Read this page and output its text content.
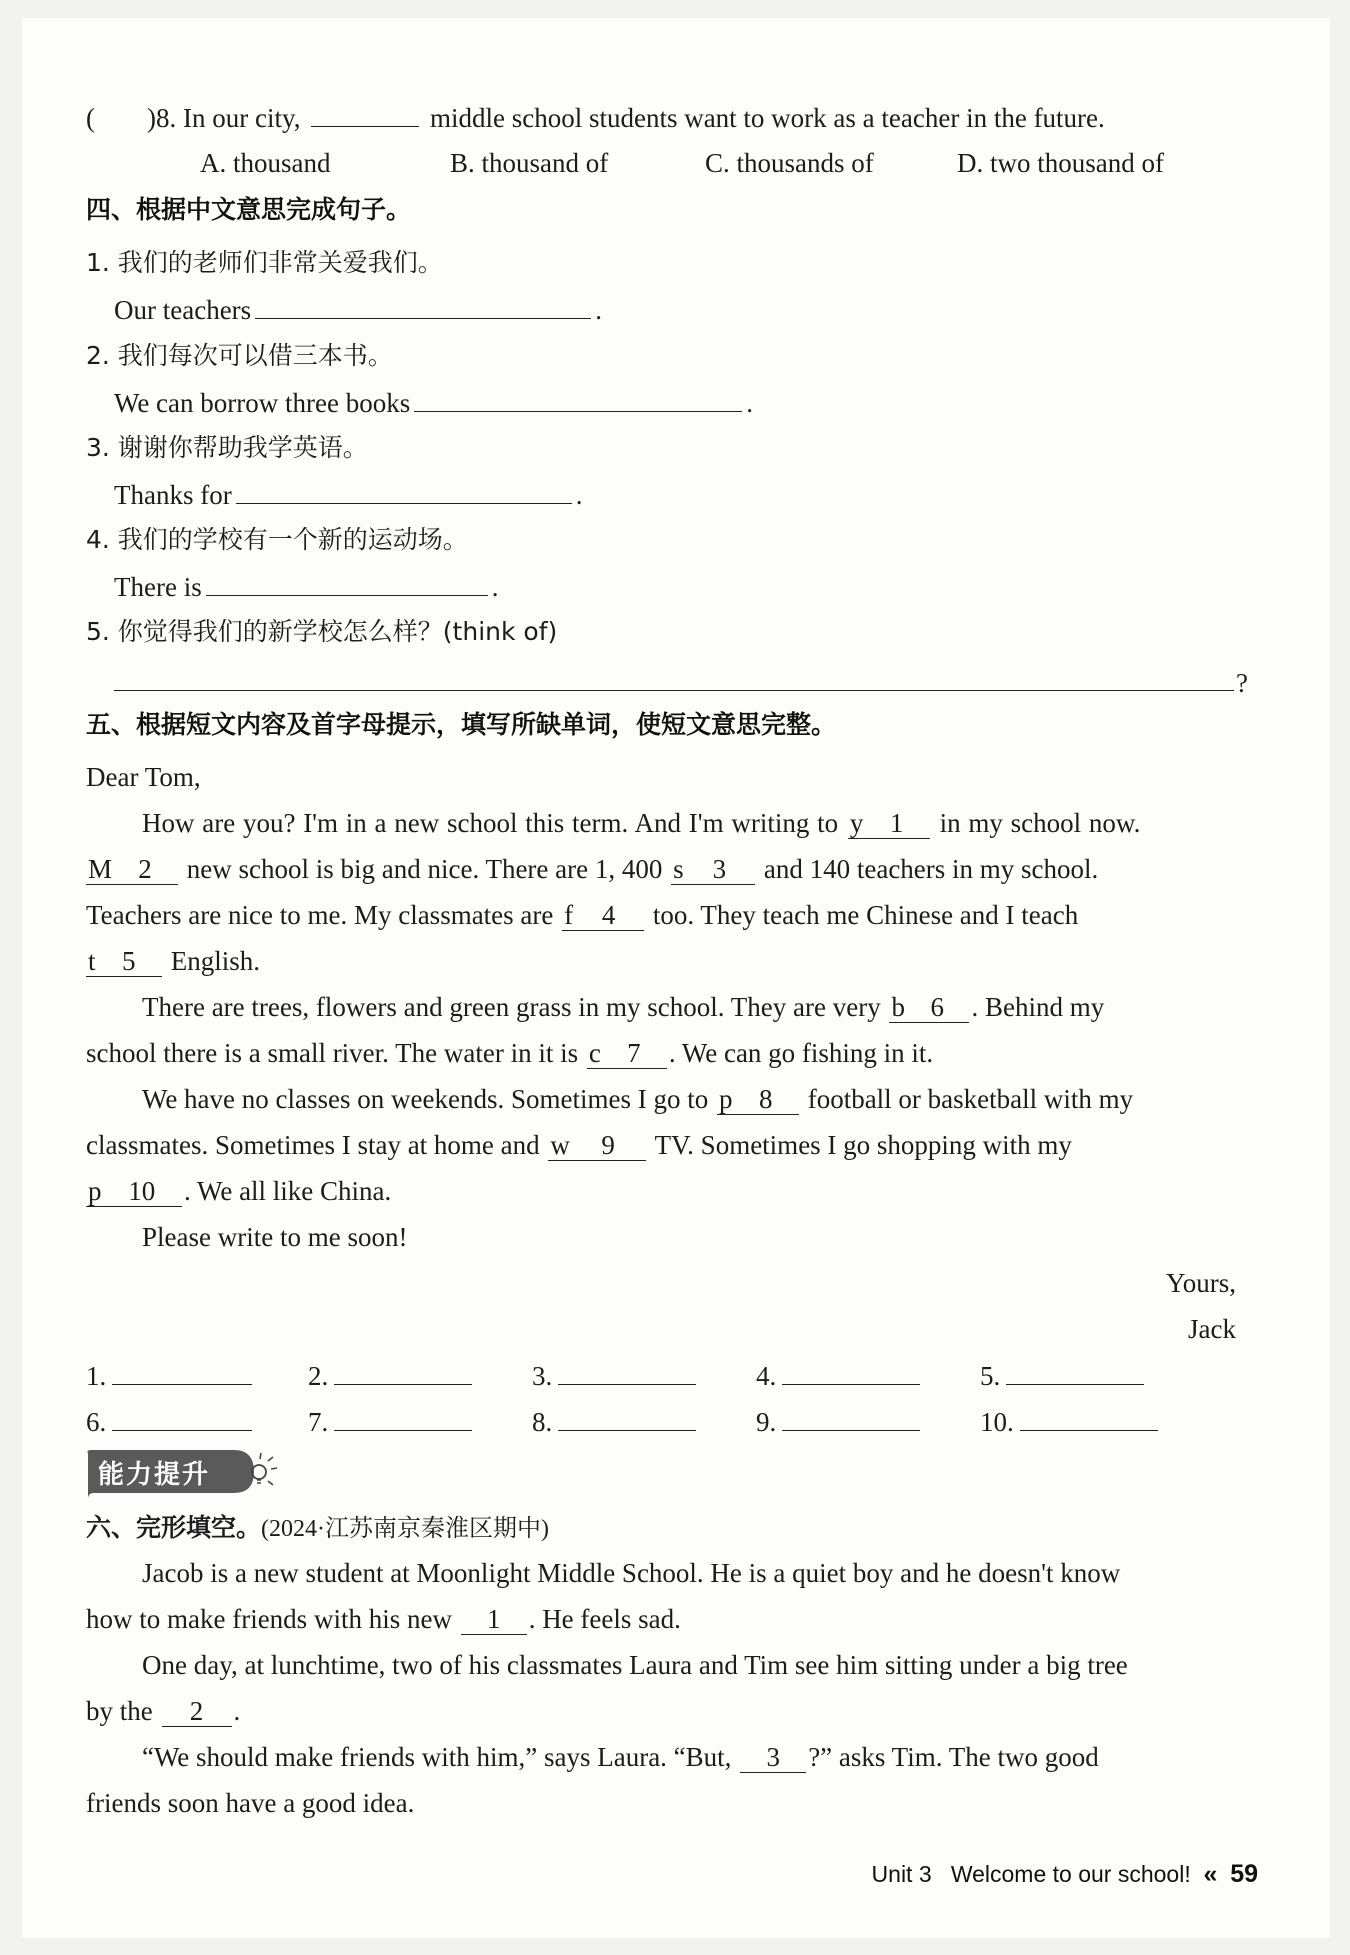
( )8. In our city,	middle school students want to work as a teacher in the future.
A. thousand	B. thousand of	C. thousands of	D. two thousand of
四、根据中文意思完成句子。
1. 我们的老师们非常关爱我们。
Our teachers	.
2. 我们每次可以借三本书。
We can borrow three books	.
3. 谢谢你帮助我学英语。
Thanks for	.
4. 我们的学校有一个新的运动场。
There is	.
5. 你觉得我们的新学校怎么样？(think of)
?
五、根据短文内容及首字母提示，填写所缺单词，使短文意思完整。
Dear Tom,
How are you? I'm in a new school this term. And I'm writing to y 1 in my school now.
M 2 new school is big and nice. There are 1, 400 s 3 and 140 teachers in my school.
Teachers are nice to me. My classmates are f 4 too. They teach me Chinese and I teach
t 5 English.
There are trees, flowers and green grass in my school. They are very b 6 . Behind my
school there is a small river. The water in it is c 7 . We can go fishing in it.
We have no classes on weekends. Sometimes I go to p 8 football or basketball with my
classmates. Sometimes I stay at home and w 9 TV. Sometimes I go shopping with my
p 10 . We all like China.
Please write to me soon!
Yours,
Jack
1.	2.	3.	4.	5.
6.	7.	8.	9.	10.
能力提升
六、完形填空。(2024·江苏南京秦淮区期中)
Jacob is a new student at Moonlight Middle School. He is a quiet boy and he doesn't know
how to make friends with his new 1 . He feels sad.
One day, at lunchtime, two of his classmates Laura and Tim see him sitting under a big tree
by the 2 .
“We should make friends with him,” says Laura. “But, 3 ?” asks Tim. The two good
friends soon have a good idea.
Unit 3 Welcome to our school! « 59
